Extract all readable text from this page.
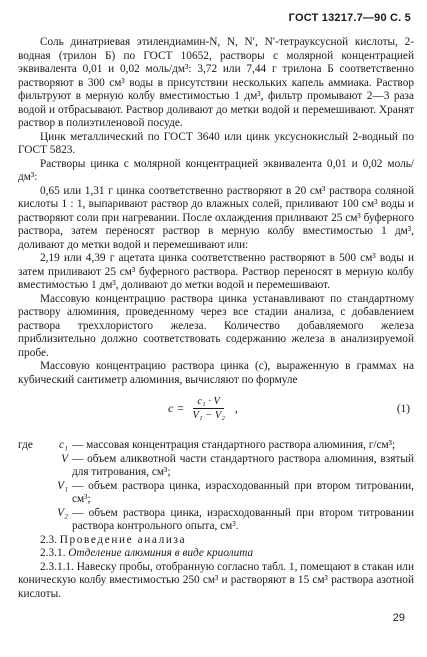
ГОСТ 13217.7—90 С. 5

Соль динатриевая этилендиамин-N, N, N′, N′-тетрауксусной кислоты, 2-водная (трилон Б) по ГОСТ 10652, растворы с молярной концентрацией эквивалента 0,01 и 0,02 моль/дм³: 3,72 или 7,44 г трилона Б соответственно растворяют в 300 см³ воды в присутствии нескольких капель аммиака. Раствор фильтруют в мерную колбу вместимостью 1 дм³, фильтр промывают 2—3 раза водой и отбрасывают. Раствор доливают до метки водой и перемешивают. Хранят раствор в полиэтиленовой посуде.

Цинк металлический по ГОСТ 3640 или цинк уксуснокислый 2-водный по ГОСТ 5823.

Растворы цинка с молярной концентрацией эквивалента 0,01 и 0,02 моль/дм³:

0,65 или 1,31 г цинка соответственно растворяют в 20 см³ раствора соляной кислоты 1 : 1, выпаривают раствор до влажных солей, приливают 100 см³ воды и растворяют соли при нагревании. После охлаждения приливают 25 см³ буферного раствора, затем переносят раствор в мерную колбу вместимостью 1 дм³, доливают до метки водой и перемешивают или:

2,19 или 4,39 г ацетата цинка соответственно растворяют в 500 см³ воды и затем приливают 25 см³ буферного раствора. Раствор переносят в мерную колбу вместимостью 1 дм³, доливают до метки водой и перемешивают.

Массовую концентрацию раствора цинка устанавливают по стандартному раствору алюминия, проведенному через все стадии анализа, с добавлением раствора треххлористого железа. Количество добавляемого железа приблизительно должно соответствовать содержанию железа в анализируемой пробе.

Массовую концентрацию раствора цинка (c), выраженную в граммах на кубический сантиметр алюминия, вычисляют по формуле

$c = \frac{\text{c₁ · V}}{\text{V₁ − V₂}}$ ,	(1)
где	c₁ — массовая концентрация стандартного раствора алюминия, г/см³;
V — объем аликвотной части стандартного раствора алюминия, взятый для титрования, см³;
V₁ — объем раствора цинка, израсходованный при втором титровании, см³;
V₂ — объем раствора цинка, израсходованный при втором титровании раствора контрольного опыта, см³.

2.3. Проведение анализа

2.3.1. Отделение алюминия в виде криолита

2.3.1.1. Навеску пробы, отобранную согласно табл. 1, помещают в стакан или коническую колбу вместимостью 250 см³ и растворяют в 15 см³ раствора азотной кислоты.

29
